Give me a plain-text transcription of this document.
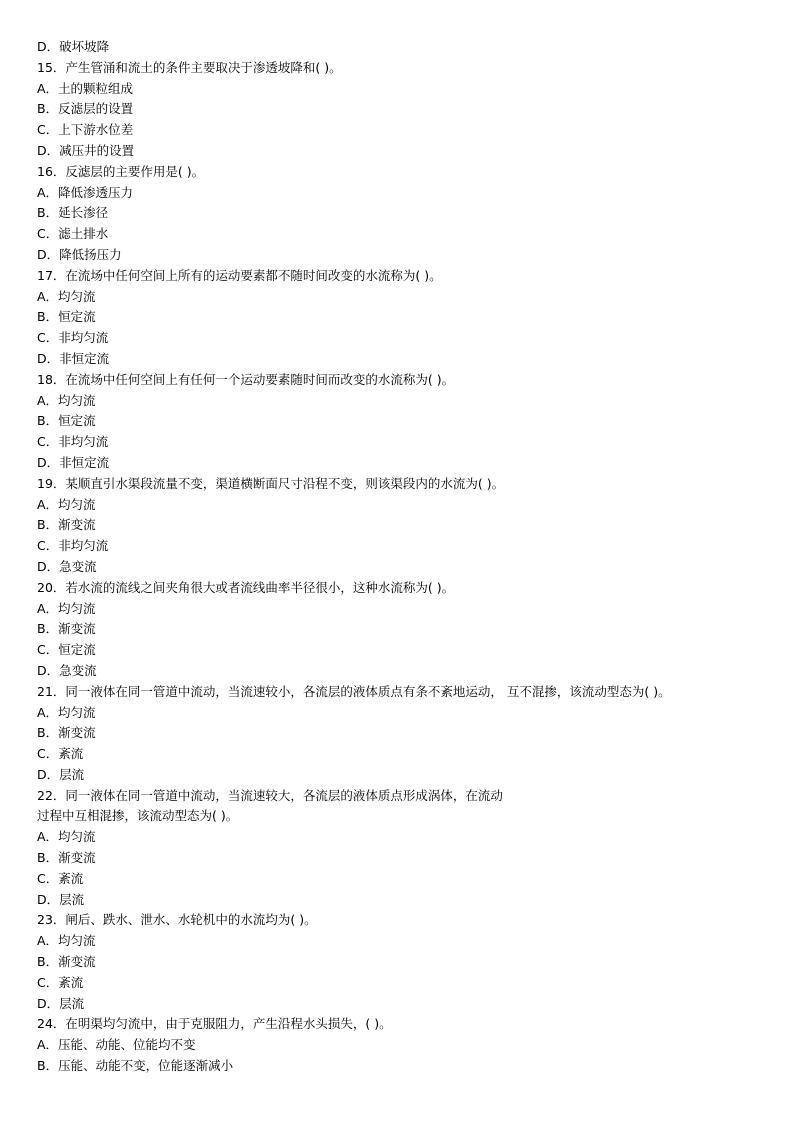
D．破坏坡降
15．产生管涌和流土的条件主要取决于渗透坡降和( )。
A．土的颗粒组成
B．反滤层的设置
C．上下游水位差
D．减压井的设置
16．反滤层的主要作用是( )。
A．降低渗透压力
B．延长渗径
C．滤土排水
D．降低扬压力
17．在流场中任何空间上所有的运动要素都不随时间改变的水流称为( )。
A．均匀流
B．恒定流
C．非均匀流
D．非恒定流
18．在流场中任何空间上有任何一个运动要素随时间而改变的水流称为( )。
A．均匀流
B．恒定流
C．非均匀流
D．非恒定流
19．某顺直引水渠段流量不变，渠道横断面尺寸沿程不变，则该渠段内的水流为( )。
A．均匀流
B．渐变流
C．非均匀流
D．急变流
20．若水流的流线之间夹角很大或者流线曲率半径很小，这种水流称为( )。
A．均匀流
B．渐变流
C．恒定流
D．急变流
21．同一液体在同一管道中流动，当流速较小，各流层的液体质点有条不紊地运动， 互不混掺，该流动型态为( )。
A．均匀流
B．渐变流
C．紊流
D．层流
22．同一液体在同一管道中流动，当流速较大，各流层的液体质点形成涡体，在流动
过程中互相混掺，该流动型态为( )。
A．均匀流
B．渐变流
C．紊流
D．层流
23．闸后、跌水、泄水、水轮机中的水流均为( )。
A．均匀流
B．渐变流
C．紊流
D．层流
24．在明渠均匀流中，由于克服阻力，产生沿程水头损失，( )。
A．压能、动能、位能均不变
B．压能、动能不变，位能逐渐减小
